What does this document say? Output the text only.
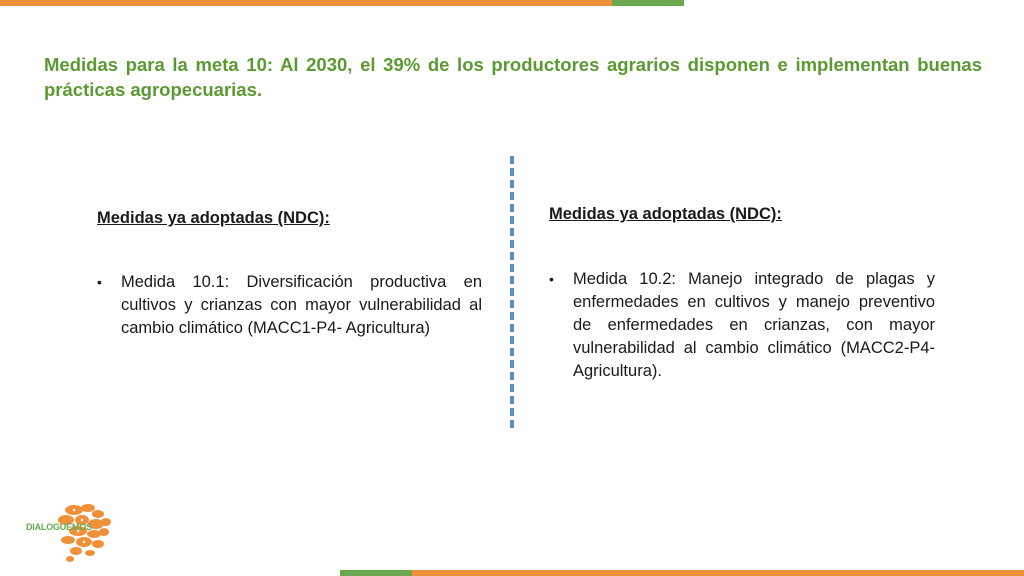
Medidas para la meta 10: Al 2030, el 39% de los productores agrarios disponen e implementan buenas prácticas agropecuarias.
Medidas ya adoptadas (NDC):
•	Medida 10.1: Diversificación productiva en cultivos y crianzas con mayor vulnerabilidad al cambio climático (MACC1-P4- Agricultura)
Medidas ya adoptadas (NDC):
•	Medida 10.2: Manejo integrado de plagas y enfermedades en cultivos y manejo preventivo de enfermedades en crianzas, con mayor vulnerabilidad al cambio climático (MACC2-P4-Agricultura).
DIALOGUEMOS
